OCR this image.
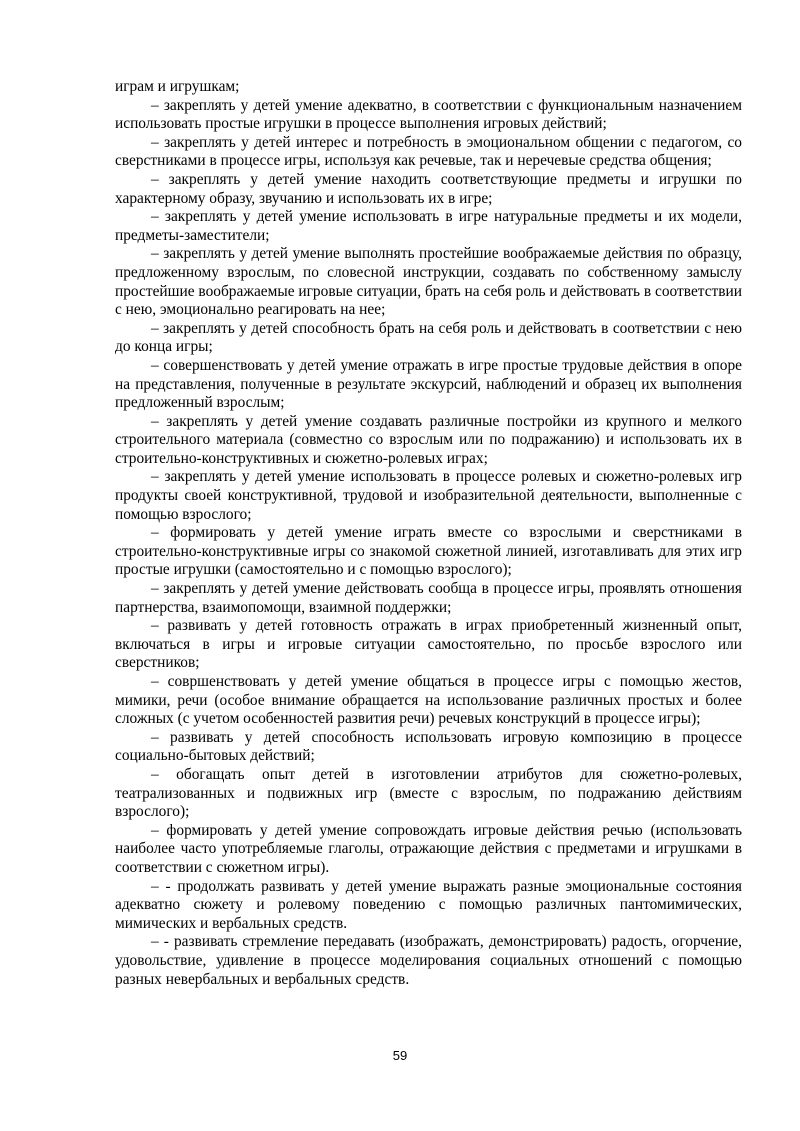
играм и игрушкам;

– закреплять у детей умение адекватно, в соответствии с функциональным назначением использовать простые игрушки в процессе выполнения игровых действий;

– закреплять у детей интерес и потребность в эмоциональном общении с педагогом, со сверстниками в процессе игры, используя как речевые, так и неречевые средства общения;

– закреплять у детей умение находить соответствующие предметы и игрушки по характерному образу, звучанию и использовать их в игре;

– закреплять у детей умение использовать в игре натуральные предметы и их модели, предметы-заместители;

– закреплять у детей умение выполнять простейшие воображаемые действия по образцу, предложенному взрослым, по словесной инструкции, создавать по собственному замыслу простейшие воображаемые игровые ситуации, брать на себя роль и действовать в соответствии с нею, эмоционально реагировать на нее;

– закреплять у детей способность брать на себя роль и действовать в соответствии с нею до конца игры;

– совершенствовать у детей умение отражать в игре простые трудовые действия в опоре на представления, полученные в результате экскурсий, наблюдений и образец их выполнения предложенный взрослым;

– закреплять у детей умение создавать различные постройки из крупного и мелкого строительного материала (совместно со взрослым или по подражанию) и использовать их в строительно-конструктивных и сюжетно-ролевых играх;

– закреплять у детей умение использовать в процессе ролевых и сюжетно-ролевых игр продукты своей конструктивной, трудовой и изобразительной деятельности, выполненные с помощью взрослого;

– формировать у детей умение играть вместе со взрослыми и сверстниками в строительно-конструктивные игры со знакомой сюжетной линией, изготавливать для этих игр простые игрушки (самостоятельно и с помощью взрослого);

– закреплять у детей умение действовать сообща в процессе игры, проявлять отношения партнерства, взаимопомощи, взаимной поддержки;

– развивать у детей готовность отражать в играх приобретенный жизненный опыт, включаться в игры и игровые ситуации самостоятельно, по просьбе взрослого или сверстников;

– совршенствовать у детей умение общаться в процессе игры с помощью жестов, мимики, речи (особое внимание обращается на использование различных простых и более сложных (с учетом особенностей развития речи) речевых конструкций в процессе игры);

– развивать у детей способность использовать игровую композицию в процессе социально-бытовых действий;

– обогащать опыт детей в изготовлении атрибутов для сюжетно-ролевых, театрализованных и подвижных игр (вместе с взрослым, по подражанию действиям взрослого);

– формировать у детей умение сопровождать игровые действия речью (использовать наиболее часто употребляемые глаголы, отражающие действия с предметами и игрушками в соответствии с сюжетном игры).

– - продолжать развивать у детей умение выражать разные эмоциональные состояния адекватно сюжету и ролевому поведению с помощью различных пантомимических, мимических и вербальных средств.

– - развивать стремление передавать (изображать, демонстрировать) радость, огорчение, удовольствие, удивление в процессе моделирования социальных отношений с помощью разных невербальных и вербальных средств.

59
